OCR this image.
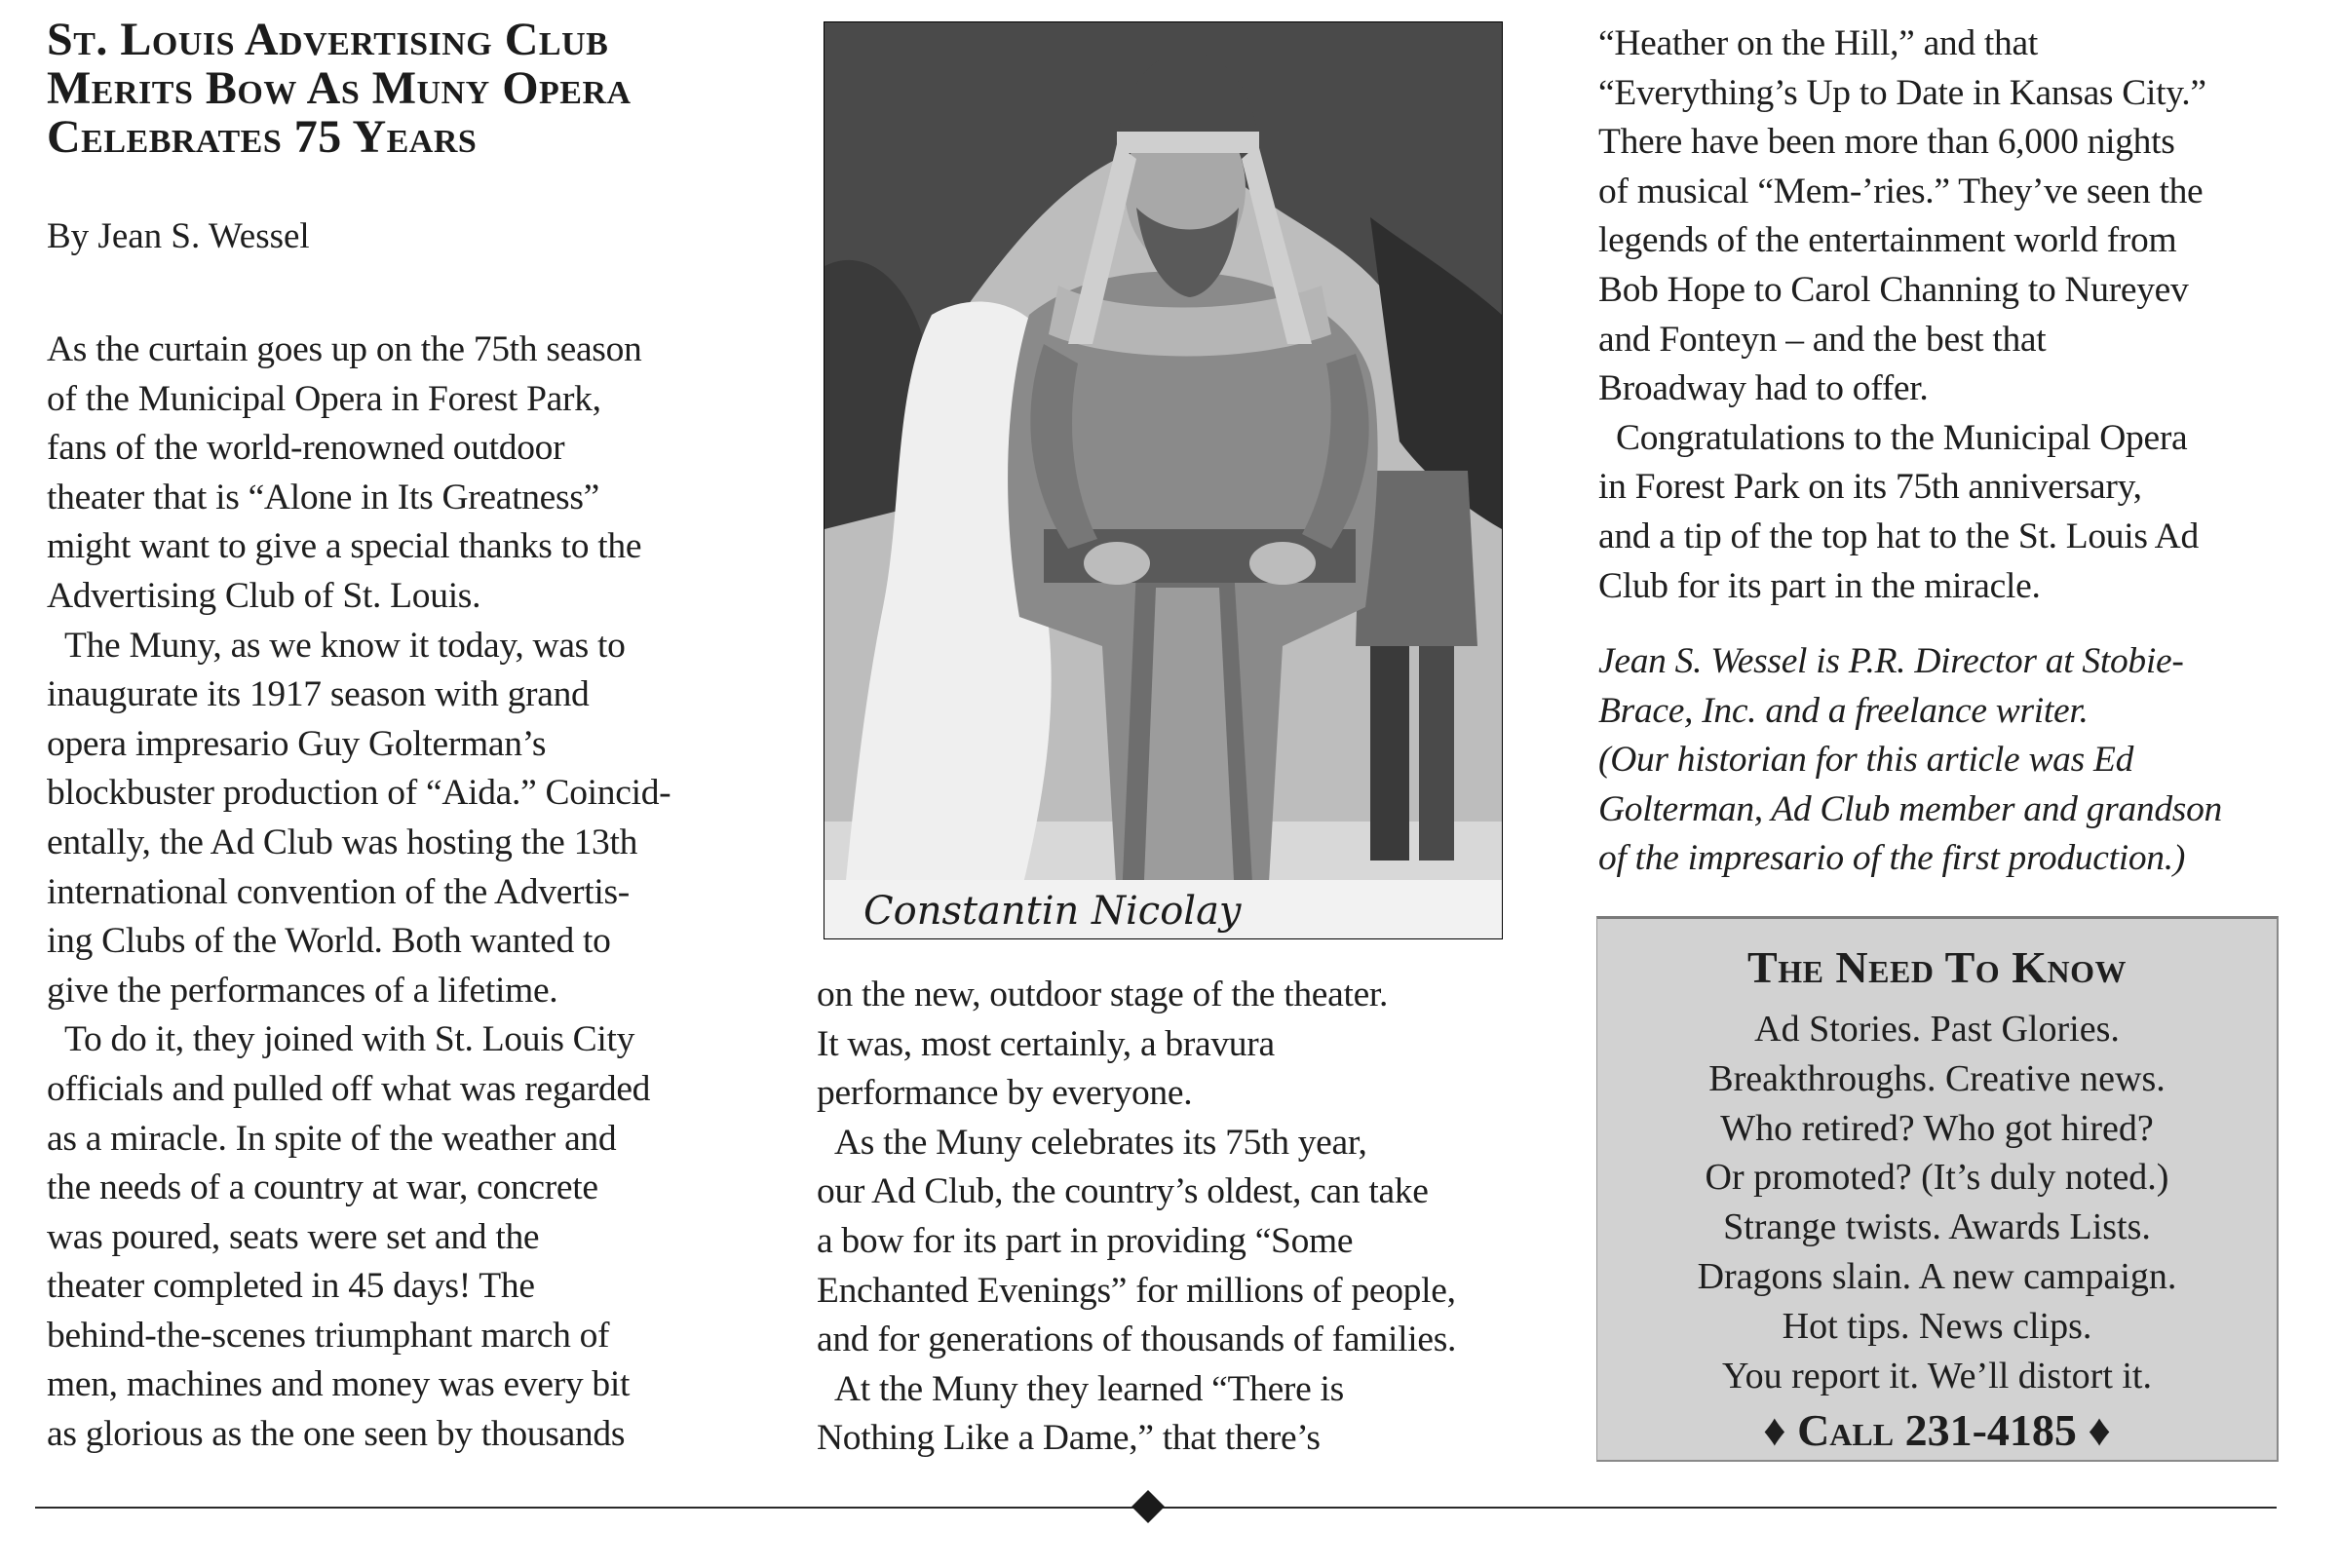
St. Louis Advertising Club
Merits Bow As Muny Opera
Celebrates 75 Years
By Jean S. Wessel
As the curtain goes up on the 75th season
of the Municipal Opera in Forest Park,
fans of the world-renowned outdoor
theater that is “Alone in Its Greatness”
might want to give a special thanks to the
Advertising Club of St. Louis.
The Muny, as we know it today, was to
inaugurate its 1917 season with grand
opera impresario Guy Golterman’s
blockbuster production of “Aida.” Coincid-
entally, the Ad Club was hosting the 13th
international convention of the Advertis-
ing Clubs of the World. Both wanted to
give the performances of a lifetime.
To do it, they joined with St. Louis City
officials and pulled off what was regarded
as a miracle. In spite of the weather and
the needs of a country at war, concrete
was poured, seats were set and the
theater completed in 45 days! The
behind-the-scenes triumphant march of
men, machines and money was every bit
as glorious as the one seen by thousands
Constantin Nicolay
on the new, outdoor stage of the theater.
It was, most certainly, a bravura
performance by everyone.
As the Muny celebrates its 75th year,
our Ad Club, the country’s oldest, can take
a bow for its part in providing “Some
Enchanted Evenings” for millions of people,
and for generations of thousands of families.
At the Muny they learned “There is
Nothing Like a Dame,” that there’s
“Heather on the Hill,” and that
“Everything’s Up to Date in Kansas City.”
There have been more than 6,000 nights
of musical “Mem-’ries.” They’ve seen the
legends of the entertainment world from
Bob Hope to Carol Channing to Nureyev
and Fonteyn – and the best that
Broadway had to offer.
Congratulations to the Municipal Opera
in Forest Park on its 75th anniversary,
and a tip of the top hat to the St. Louis Ad
Club for its part in the miracle.
Jean S. Wessel is P.R. Director at Stobie-
Brace, Inc. and a freelance writer.
(Our historian for this article was Ed
Golterman, Ad Club member and grandson
of the impresario of the first production.)
The Need To Know
Ad Stories. Past Glories.
Breakthroughs. Creative news.
Who retired? Who got hired?
Or promoted? (It’s duly noted.)
Strange twists. Awards Lists.
Dragons slain. A new campaign.
Hot tips. News clips.
You report it. We’ll distort it.
♦ Call 231-4185 ♦
